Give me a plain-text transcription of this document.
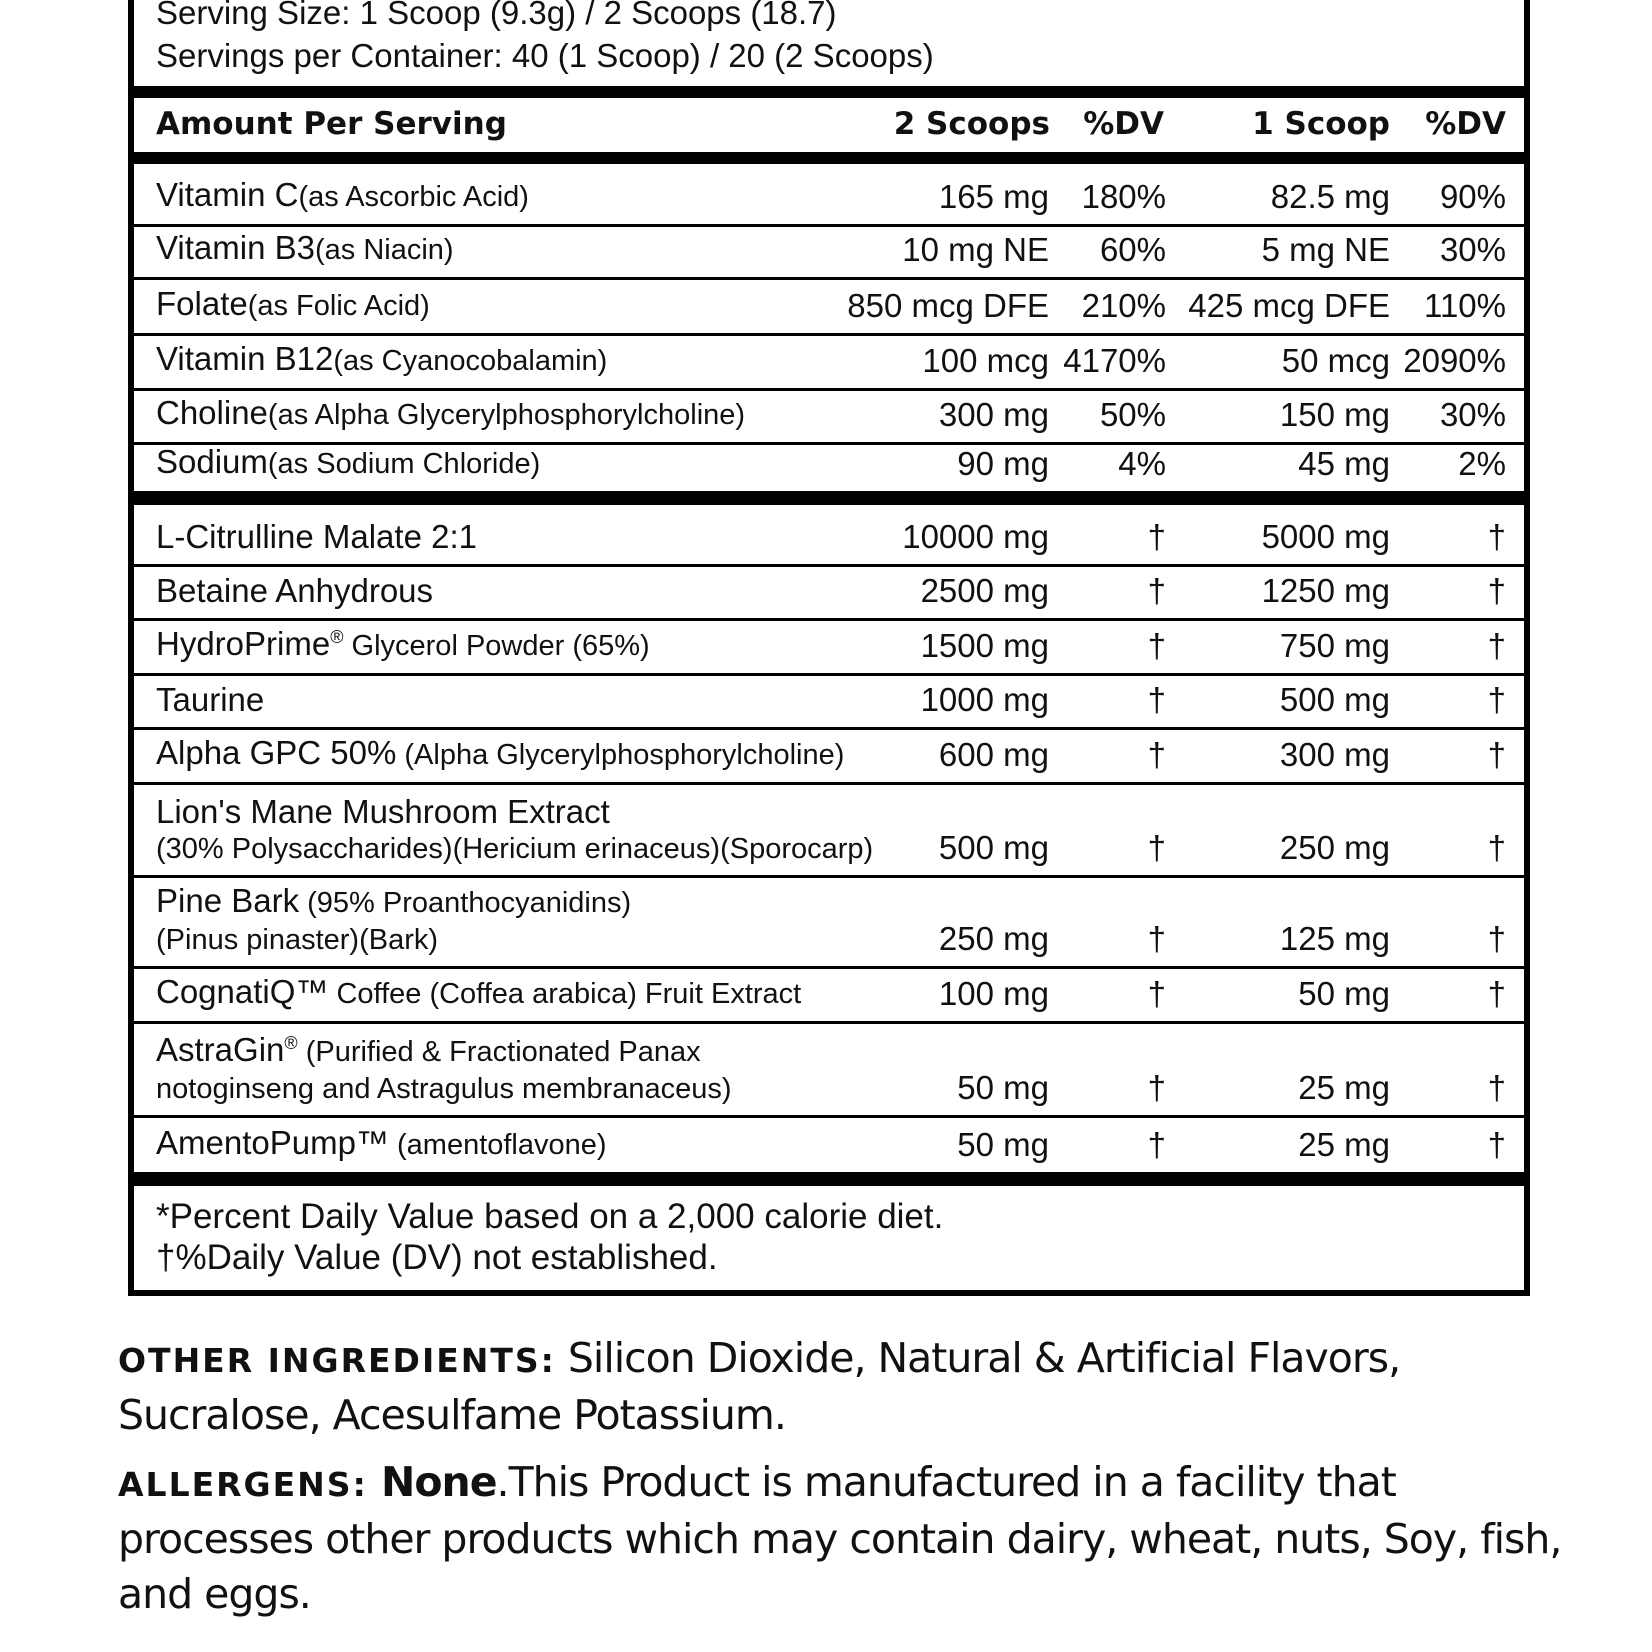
Serving Size: 1 Scoop (9.3g) / 2 Scoops (18.7)
Servings per Container: 40 (1 Scoop) / 20 (2 Scoops)
Amount Per Serving	2 Scoops %DV	1 Scoop %DV
Vitamin C(as Ascorbic Acid)	165 mg 180%	82.5 mg 90%
Vitamin B3(as Niacin)	10 mg NE 60%	5 mg NE 30%
Folate(as Folic Acid)	850 mcg DFE 210% 425 mcg DFE 110%
Vitamin B12(as Cyanocobalamin)	100 mcg 4170%	50 mcg 2090%
Choline(as Alpha Glycerylphosphorylcholine)	300 mg 50%	150 mg 30%
Sodium(as Sodium Chloride)	90 mg 4%	45 mg 2%
L-Citrulline Malate 2:1	10000 mg	†	5000 mg	†
Betaine Anhydrous	2500 mg	†	1250 mg	†
HydroPrime® Glycerol Powder (65%)	1500 mg	†	750 mg	†
Taurine	1000 mg	†	500 mg	†
Alpha GPC 50% (Alpha Glycerylphosphorylcholine)	600 mg	†	300 mg	†
Lion's Mane Mushroom Extract
(30% Polysaccharides)(Hericium erinaceus)(Sporocarp) 500 mg	†	250 mg	†
Pine Bark (95% Proanthocyanidins)
(Pinus pinaster)(Bark)	250 mg	†	125 mg	†
CognatiQ™ Coffee (Coffea arabica) Fruit Extract	100 mg	†	50 mg	†
AstraGin® (Purified & Fractionated Panax
notoginseng and Astragulus membranaceus)	50 mg	†	25 mg	†
AmentoPump™ (amentoflavone)	50 mg	†	25 mg	†
*Percent Daily Value based on a 2,000 calorie diet.
†%Daily Value (DV) not established.
OTHER INGREDIENTS: Silicon Dioxide, Natural & Artificial Flavors, Sucralose, Acesulfame Potassium.
ALLERGENS: None.This Product is manufactured in a facility that processes other products which may contain dairy, wheat, nuts, Soy, fish, and eggs.
